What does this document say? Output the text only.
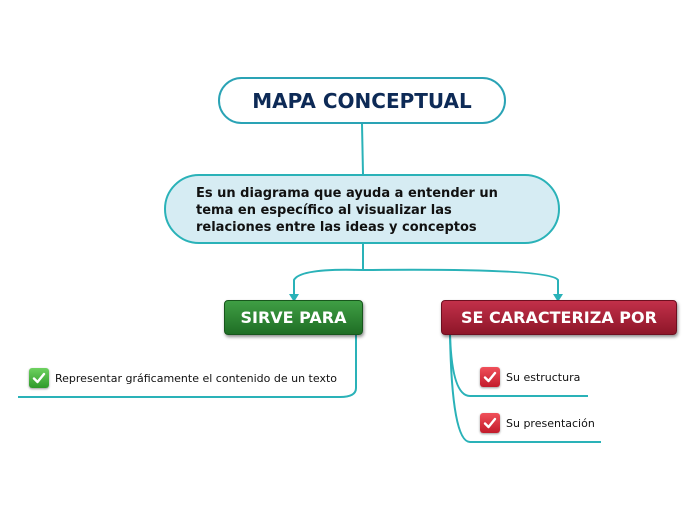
MAPA CONCEPTUAL
Es un diagrama que ayuda a entender un
tema en específico al visualizar las
relaciones entre las ideas y conceptos
SIRVE PARA	SE CARACTERIZA POR
Representar gráficamente el contenido de un texto	Su estructura
Su presentación
